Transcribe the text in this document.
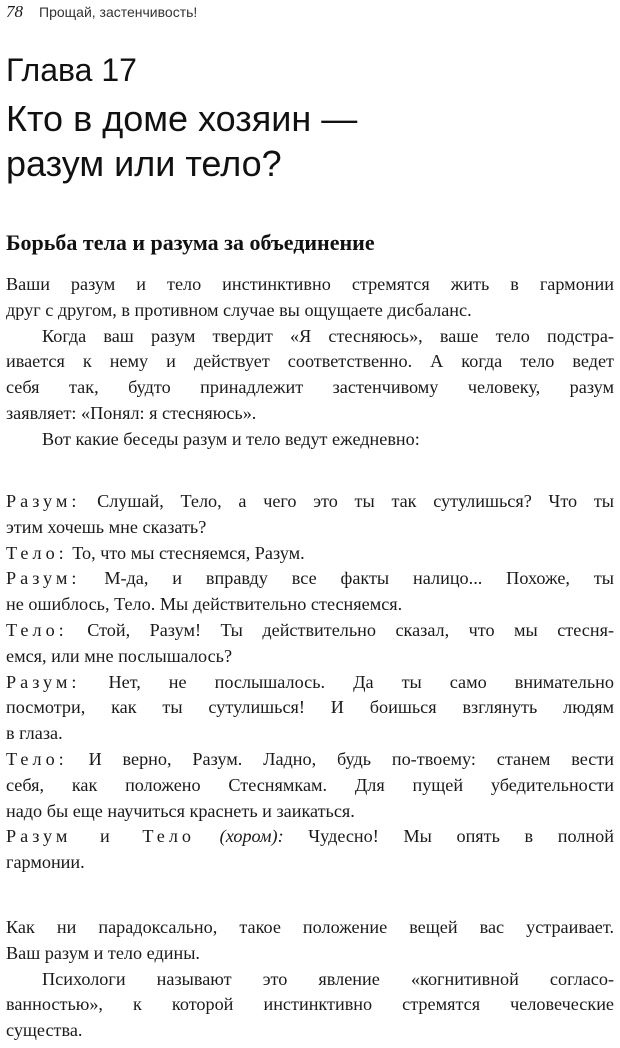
78 Прощай, застенчивость!
Глава 17
Кто в доме хозяин —
разум или тело?
Борьба тела и разума за объединение
Ваши разум и тело инстинктивно стремятся жить в гармонии
друг с другом, в противном случае вы ощущаете дисбаланс.
Когда ваш разум твердит «Я стесняюсь», ваше тело подстра-
ивается к нему и действует соответственно. А когда тело ведет
себя так, будто принадлежит застенчивому человеку, разум
заявляет: «Понял: я стесняюсь».
Вот какие беседы разум и тело ведут ежедневно:
Разум: Слушай, Тело, а чего это ты так сутулишься? Что ты
этим хочешь мне сказать?
Тело: То, что мы стесняемся, Разум.
Разум: М-да, и вправду все факты налицо... Похоже, ты
не ошиблось, Тело. Мы действительно стесняемся.
Тело: Стой, Разум! Ты действительно сказал, что мы стесня-
емся, или мне послышалось?
Разум: Нет, не послышалось. Да ты само внимательно
посмотри, как ты сутулишься! И боишься взглянуть людям
в глаза.
Тело: И верно, Разум. Ладно, будь по-твоему: станем вести
себя, как положено Стеснямкам. Для пущей убедительности
надо бы еще научиться краснеть и заикаться.
Разум и Тело (хором): Чудесно! Мы опять в полной
гармонии.
Как ни парадоксально, такое положение вещей вас устраивает.
Ваш разум и тело едины.
Психологи называют это явление «когнитивной согласо-
ванностью», к которой инстинктивно стремятся человеческие
существа.
